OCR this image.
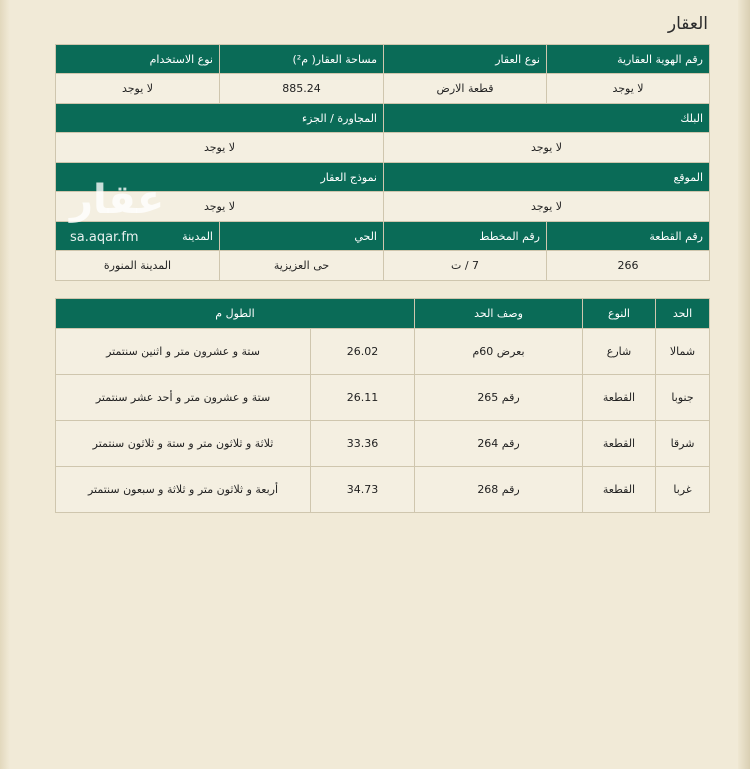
العقار
رقم الهوية العقارية	نوع العقار	مساحة العقار( م²)	نوع الاستخدام
لا يوجد	قطعة الارض	885.24	لا يوجد
البلك		المجاورة / الجزء	
لا يوجد		لا يوجد	
الموقع		نموذج العقار	
لا يوجد		لا يوجد	
رقم القطعة	رقم المخطط	الحي	المدينة
266	7 / ت	حى العزيزية	المدينة المنورة
الحد	النوع	وصف الحد	الطول م	
شمالا	شارع	بعرض 60م	26.02	ستة و عشرون متر و اثنين سنتمتر
جنوبا	القطعة	رقم 265	26.11	ستة و عشرون متر و أحد عشر سنتمتر
شرقا	القطعة	رقم 264	33.36	ثلاثة و ثلاثون متر و ستة و ثلاثون سنتمتر
غربا	القطعة	رقم 268	34.73	أربعة و ثلاثون متر و ثلاثة و سبعون سنتمتر
عقار
sa.aqar.fm
